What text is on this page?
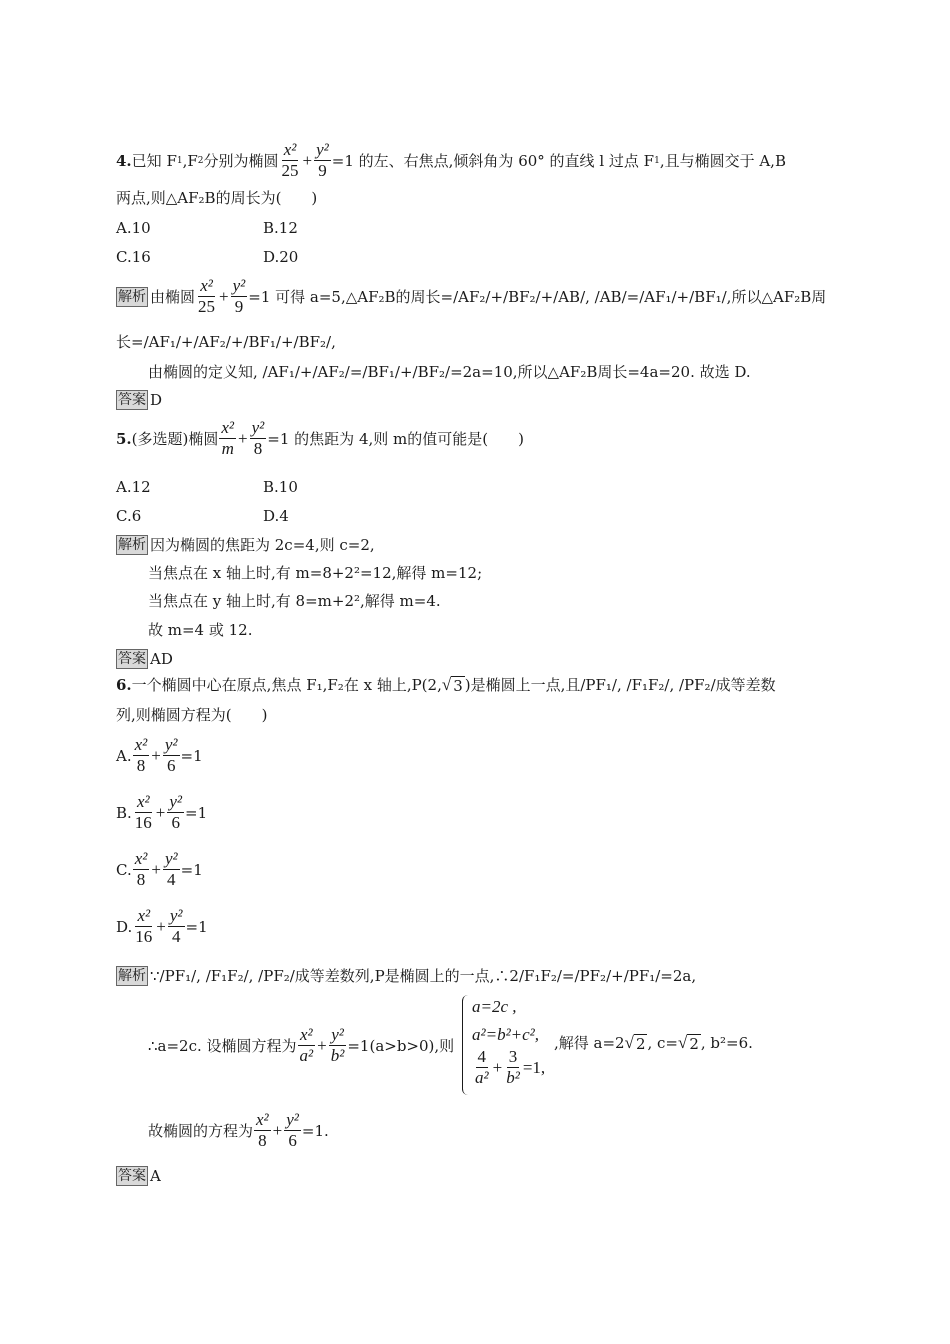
4. 已知 F 1 ,F 2 分别为椭圆 $\frac{\text{x²}}{25} + \frac{\text{y²}}{9} =1$ 的左、右焦点,倾斜角为 60° 的直线 l 过点 F 1 ,且与椭圆交于 A,B
两点,则△AF₂B的周长为(　　)
A.10	B.12
C.16	D.20
解析 由椭圆 $\frac{\text{x²}}{25} + \frac{\text{y²}}{9} =1$ 可得 a=5,△AF₂B的周长=/AF₂/+/BF₂/+/AB/, /AB/=/AF₁/+/BF₁/,所以△AF₂B周
长=/AF₁/+/AF₂/+/BF₁/+/BF₂/,
由椭圆的定义知, /AF₁/+/AF₂/=/BF₁/+/BF₂/=2a=10,所以△AF₂B周长=4a=20. 故选 D.
答案 D
5. (多选题)椭圆 $\frac{\text{x²}}{m} + \frac{\text{y²}}{8} =1$ 的焦距为 4,则 m的值可能是(　　)
A.12	B.10
C.6	D.4
解析 因为椭圆的焦距为 2c=4,则 c=2,
当焦点在 x 轴上时,有 m=8+2²=12,解得 m=12;
当焦点在 y 轴上时,有 8=m+2²,解得 m=4.
故 m=4 或 12.
答案 AD
6. 一个椭圆中心在原点,焦点 F₁,F₂在 x 轴上,P(2, √ 3 )是椭圆上一点,且/PF₁/, /F₁F₂/, /PF₂/成等差数
列,则椭圆方程为(　　)
A. $\frac{\text{x²}}{8} + \frac{\text{y²}}{6} =1$
B. $\frac{\text{x²}}{16} + \frac{\text{y²}}{6} =1$
C. $\frac{\text{x²}}{8} + \frac{\text{y²}}{4} =1$
D. $\frac{\text{x²}}{16} + \frac{\text{y²}}{4} =1$
解析 ∵/PF₁/, /F₁F₂/, /PF₂/成等差数列,P是椭圆上的一点,∴2/F₁F₂/=/PF₂/+/PF₁/=2a,
∴a=2c. 设椭圆方程为 $\frac{\text{x²}}{\text{a²}} + \frac{\text{y²}}{\text{b²}} =1(a>b>0)$,则
a=2c ,
a²=b²+c²,
$\frac{4}{\text{a²}} + \frac{3}{\text{b²}} =1$,
,解得 a=2 √ 2 , c= √ 2 , b²=6.
故椭圆的方程为 $\frac{\text{x²}}{8} + \frac{\text{y²}}{6} =1$.
答案 A
